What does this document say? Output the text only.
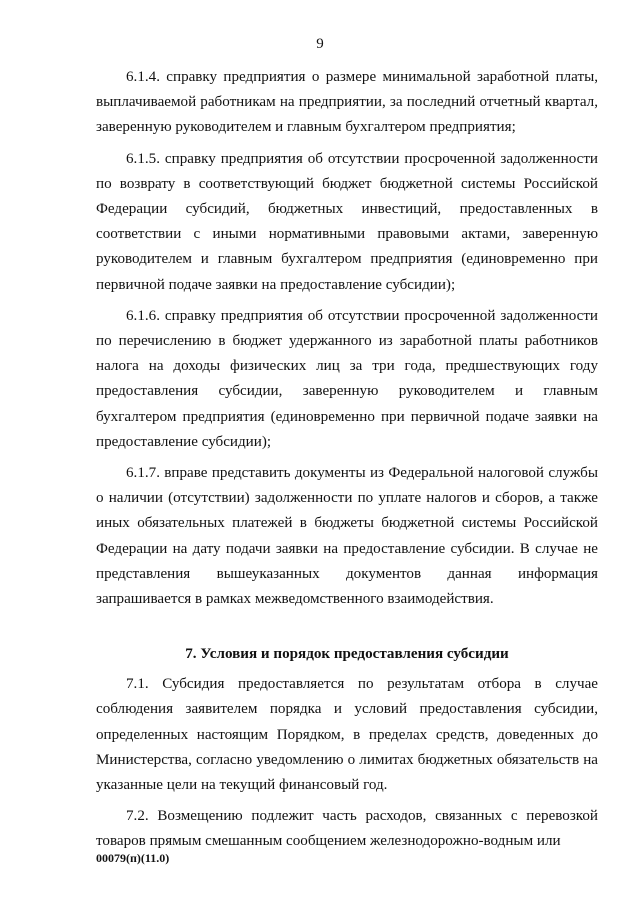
9

6.1.4. справку предприятия о размере минимальной заработной платы, выплачиваемой работникам на предприятии, за последний отчетный квартал, заверенную руководителем и главным бухгалтером предприятия;

6.1.5. справку предприятия об отсутствии просроченной задолженности по возврату в соответствующий бюджет бюджетной системы Российской Федерации субсидий, бюджетных инвестиций, предоставленных в соответствии с иными нормативными правовыми актами, заверенную руководителем и главным бухгалтером предприятия (единовременно при первичной подаче заявки на предоставление субсидии);

6.1.6. справку предприятия об отсутствии просроченной задолженности по перечислению в бюджет удержанного из заработной платы работников налога на доходы физических лиц за три года, предшествующих году предоставления субсидии, заверенную руководителем и главным бухгалтером предприятия (единовременно при первичной подаче заявки на предоставление субсидии);

6.1.7. вправе представить документы из Федеральной налоговой службы о наличии (отсутствии) задолженности по уплате налогов и сборов, а также иных обязательных платежей в бюджеты бюджетной системы Российской Федерации на дату подачи заявки на предоставление субсидии. В случае не представления вышеуказанных документов данная информация запрашивается в рамках межведомственного взаимодействия.

7. Условия и порядок предоставления субсидии

7.1. Субсидия предоставляется по результатам отбора в случае соблюдения заявителем порядка и условий предоставления субсидии, определенных настоящим Порядком, в пределах средств, доведенных до Министерства, согласно уведомлению о лимитах бюджетных обязательств на указанные цели на текущий финансовый год.

7.2. Возмещению подлежит часть расходов, связанных с перевозкой товаров прямым смешанным сообщением железнодорожно-водным или

00079(п)(11.0)
